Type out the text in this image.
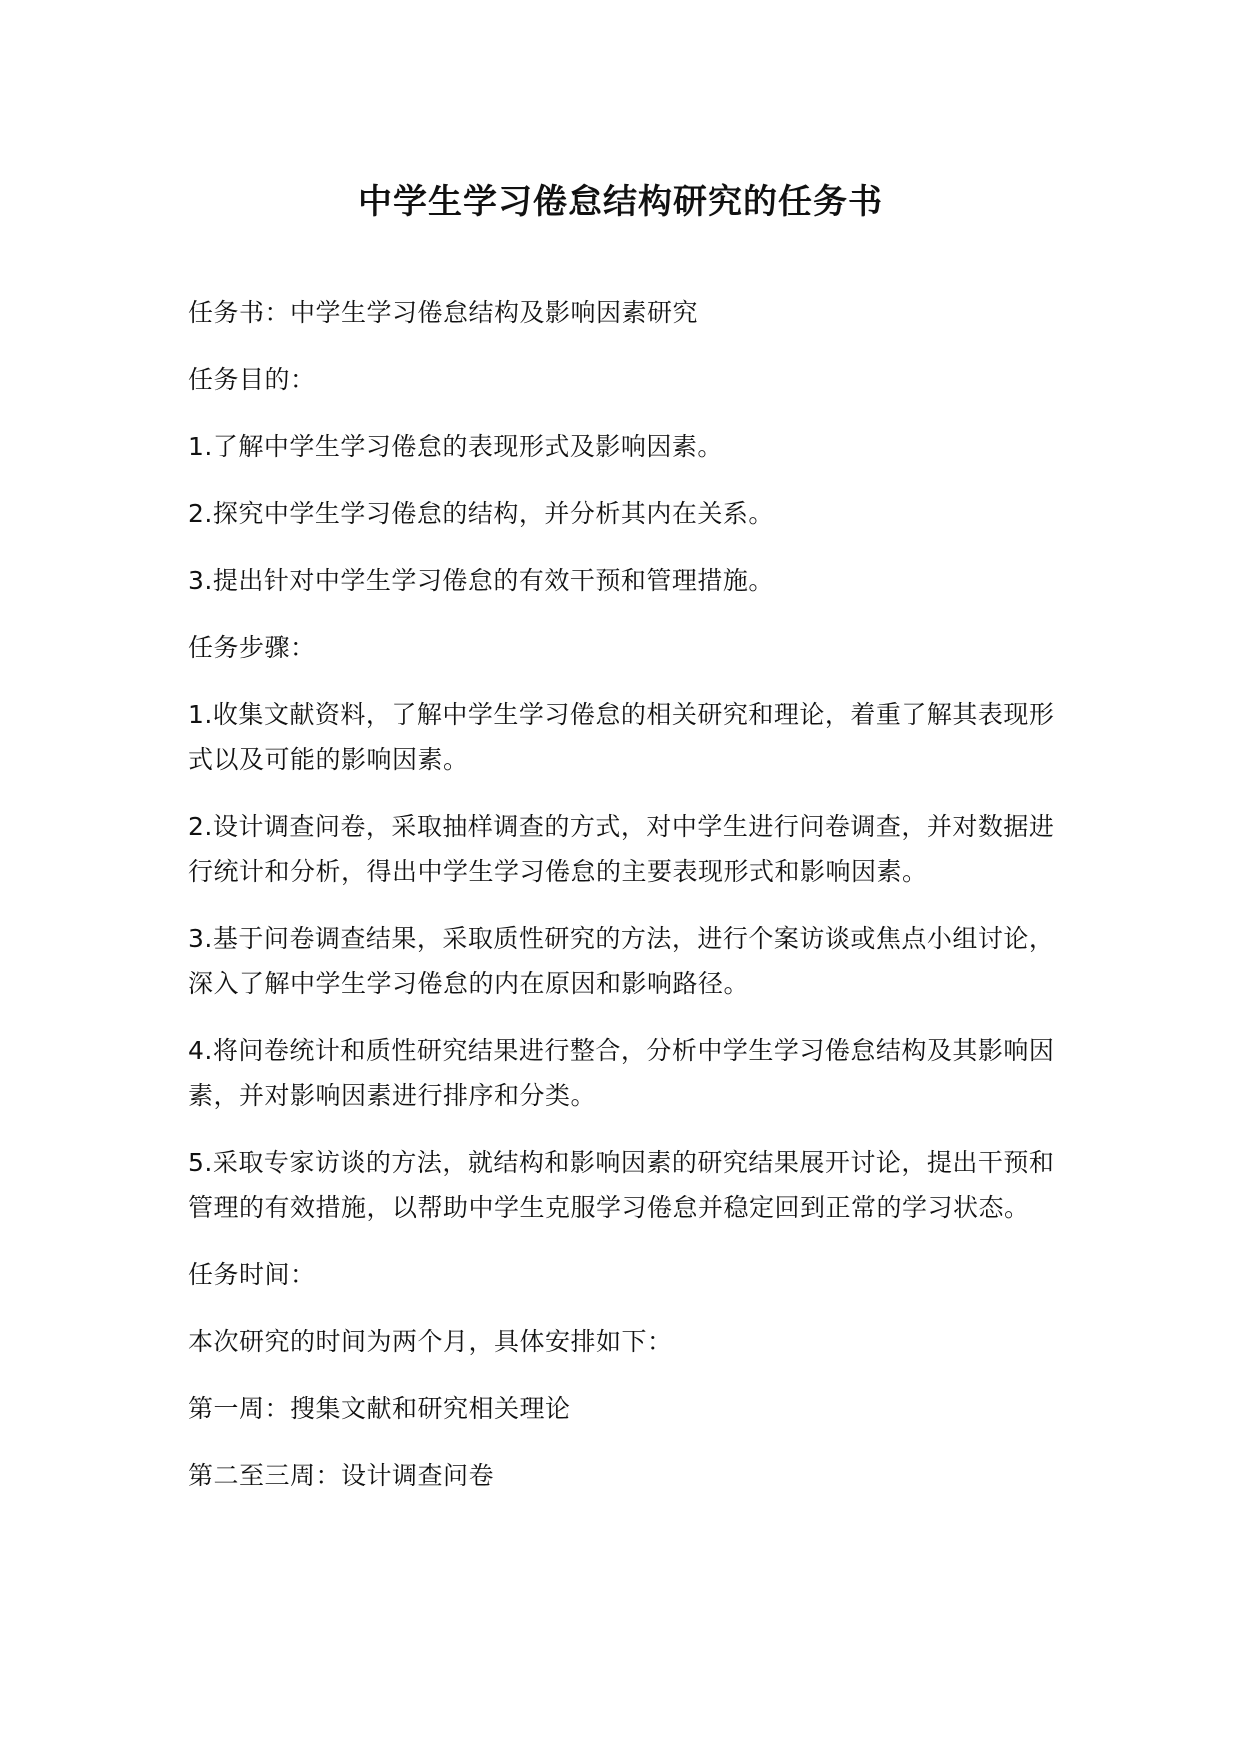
中学生学习倦怠结构研究的任务书

任务书：中学生学习倦怠结构及影响因素研究

任务目的：

1.了解中学生学习倦怠的表现形式及影响因素。

2.探究中学生学习倦怠的结构，并分析其内在关系。

3.提出针对中学生学习倦怠的有效干预和管理措施。

任务步骤：

1.收集文献资料，了解中学生学习倦怠的相关研究和理论，着重了解其表现形式以及可能的影响因素。

2.设计调查问卷，采取抽样调查的方式，对中学生进行问卷调查，并对数据进行统计和分析，得出中学生学习倦怠的主要表现形式和影响因素。

3.基于问卷调查结果，采取质性研究的方法，进行个案访谈或焦点小组讨论，深入了解中学生学习倦怠的内在原因和影响路径。

4.将问卷统计和质性研究结果进行整合，分析中学生学习倦怠结构及其影响因素，并对影响因素进行排序和分类。

5.采取专家访谈的方法，就结构和影响因素的研究结果展开讨论，提出干预和管理的有效措施，以帮助中学生克服学习倦怠并稳定回到正常的学习状态。

任务时间：

本次研究的时间为两个月，具体安排如下：

第一周：搜集文献和研究相关理论

第二至三周：设计调查问卷
